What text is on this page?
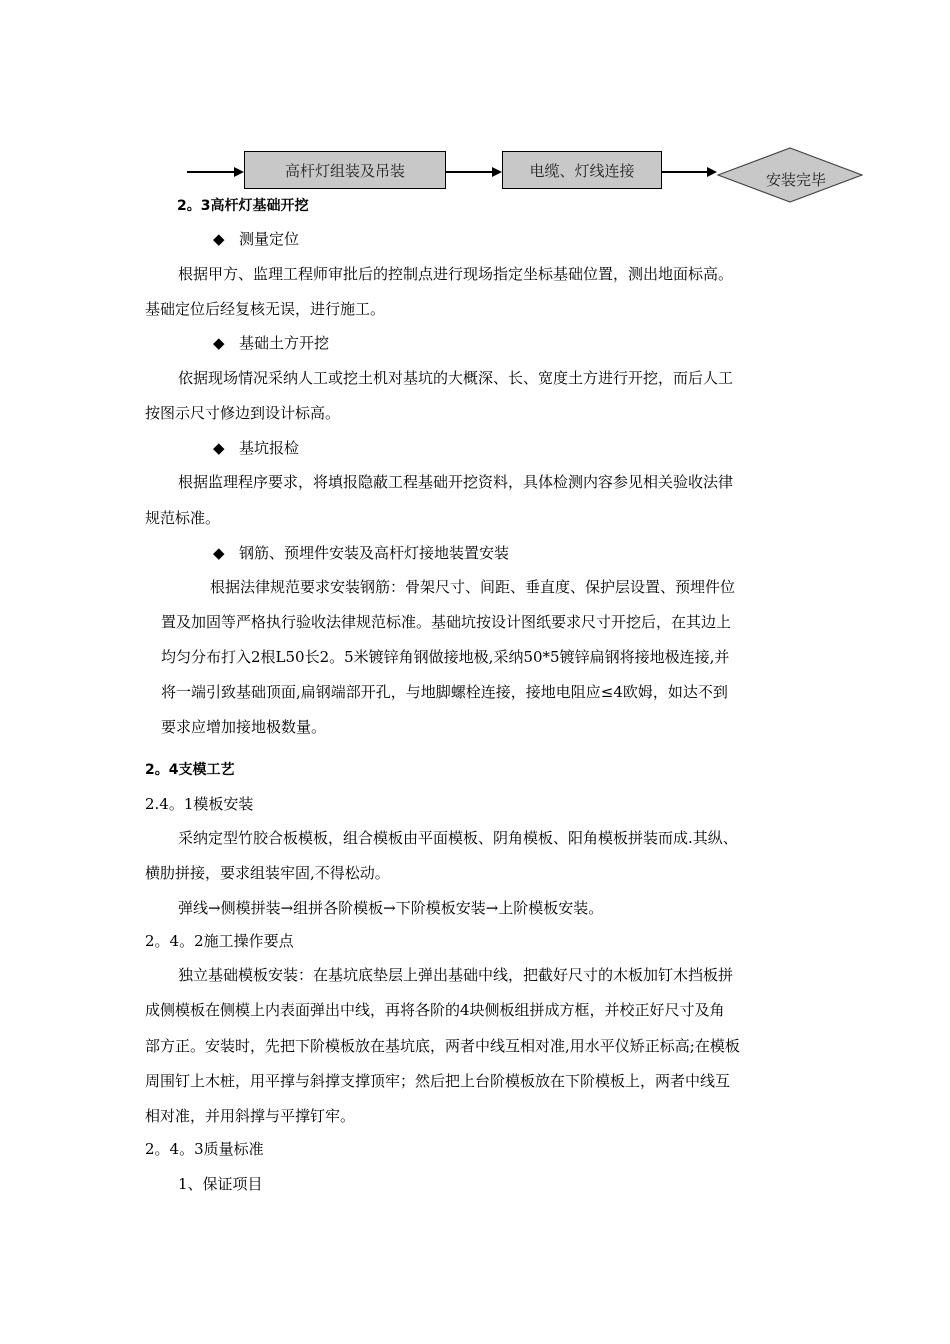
高杆灯组装及吊装	电缆、灯线连接
安装完毕
2。3高杆灯基础开挖
◆ 测量定位
根据甲方、监理工程师审批后的控制点进行现场指定坐标基础位置，测出地面标高。
基础定位后经复核无误，进行施工。
◆ 基础土方开挖
依据现场情况采纳人工或挖土机对基坑的大概深、长、宽度土方进行开挖，而后人工
按图示尺寸修边到设计标高。
◆ 基坑报检
根据监理程序要求，将填报隐蔽工程基础开挖资料，具体检测内容参见相关验收法律
规范标准。
◆ 钢筋、预埋件安装及高杆灯接地装置安装
根据法律规范要求安装钢筋：骨架尺寸、间距、垂直度、保护层设置、预埋件位
置及加固等严格执行验收法律规范标准。基础坑按设计图纸要求尺寸开挖后，在其边上
均匀分布打入2根L50长2。5米镀锌角钢做接地极,采纳50*5镀锌扁钢将接地极连接,并
将一端引致基础顶面,扁钢端部开孔，与地脚螺栓连接，接地电阻应≤4欧姆，如达不到
要求应增加接地极数量。
2。4支模工艺
2.4。1模板安装
采纳定型竹胶合板模板，组合模板由平面模板、阴角模板、阳角模板拼装而成.其纵、
横肋拼接，要求组装牢固,不得松动。
弹线→侧模拼装→组拼各阶模板→下阶模板安装→上阶模板安装。
2。4。2施工操作要点
独立基础模板安装：在基坑底垫层上弹出基础中线，把截好尺寸的木板加钉木挡板拼
成侧模板在侧模上内表面弹出中线，再将各阶的4块侧板组拼成方框，并校正好尺寸及角
部方正。安装时，先把下阶模板放在基坑底，两者中线互相对准,用水平仪矫正标高;在模板
周围钉上木桩，用平撑与斜撑支撑顶牢；然后把上台阶模板放在下阶模板上，两者中线互
相对准，并用斜撑与平撑钉牢。
2。4。3质量标准
1、保证项目
